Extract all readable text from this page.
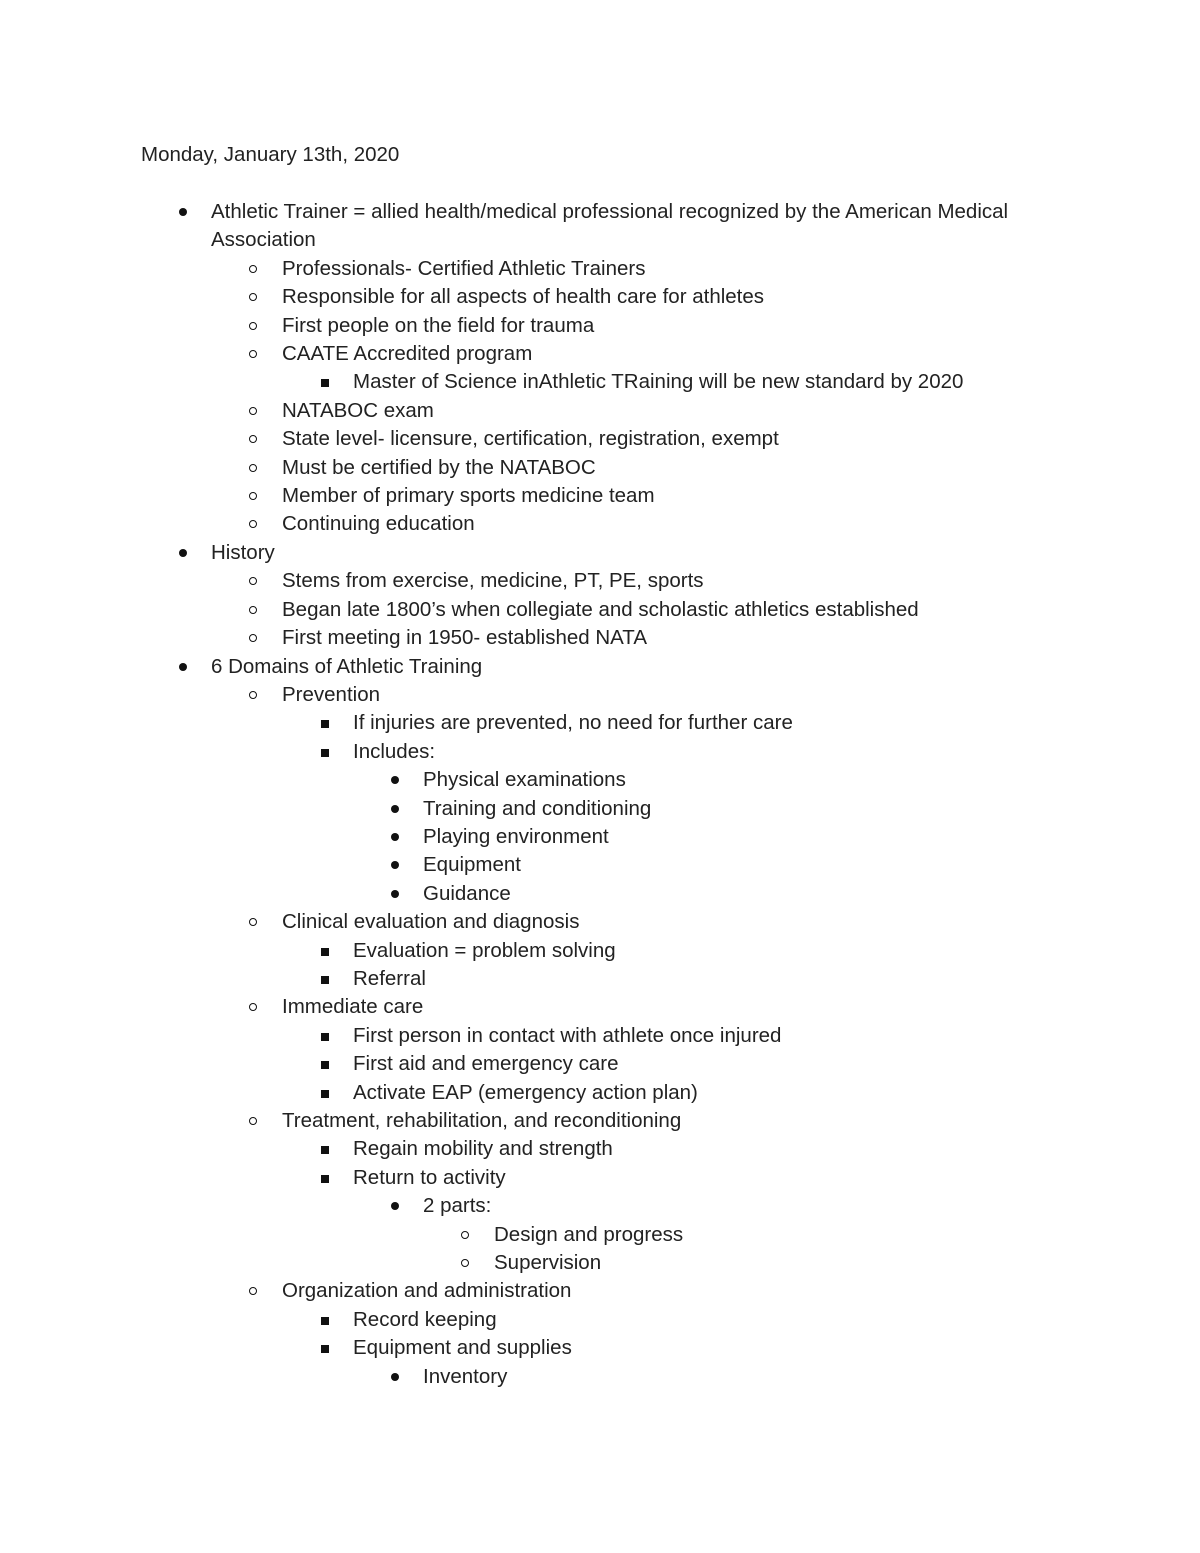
Monday, January 13th, 2020
Athletic Trainer = allied health/medical professional recognized by the American Medical Association
Professionals- Certified Athletic Trainers
Responsible for all aspects of health care for athletes
First people on the field for trauma
CAATE Accredited program
Master of Science inAthletic TRaining will be new standard by 2020
NATABOC exam
State level- licensure, certification, registration, exempt
Must be certified by the NATABOC
Member of primary sports medicine team
Continuing education
History
Stems from exercise, medicine, PT, PE, sports
Began late 1800’s when collegiate and scholastic athletics established
First meeting in 1950- established NATA
6 Domains of Athletic Training
Prevention
If injuries are prevented, no need for further care
Includes:
Physical examinations
Training and conditioning
Playing environment
Equipment
Guidance
Clinical evaluation and diagnosis
Evaluation = problem solving
Referral
Immediate care
First person in contact with athlete once injured
First aid and emergency care
Activate EAP (emergency action plan)
Treatment, rehabilitation, and reconditioning
Regain mobility and strength
Return to activity
2 parts:
Design and progress
Supervision
Organization and administration
Record keeping
Equipment and supplies
Inventory
